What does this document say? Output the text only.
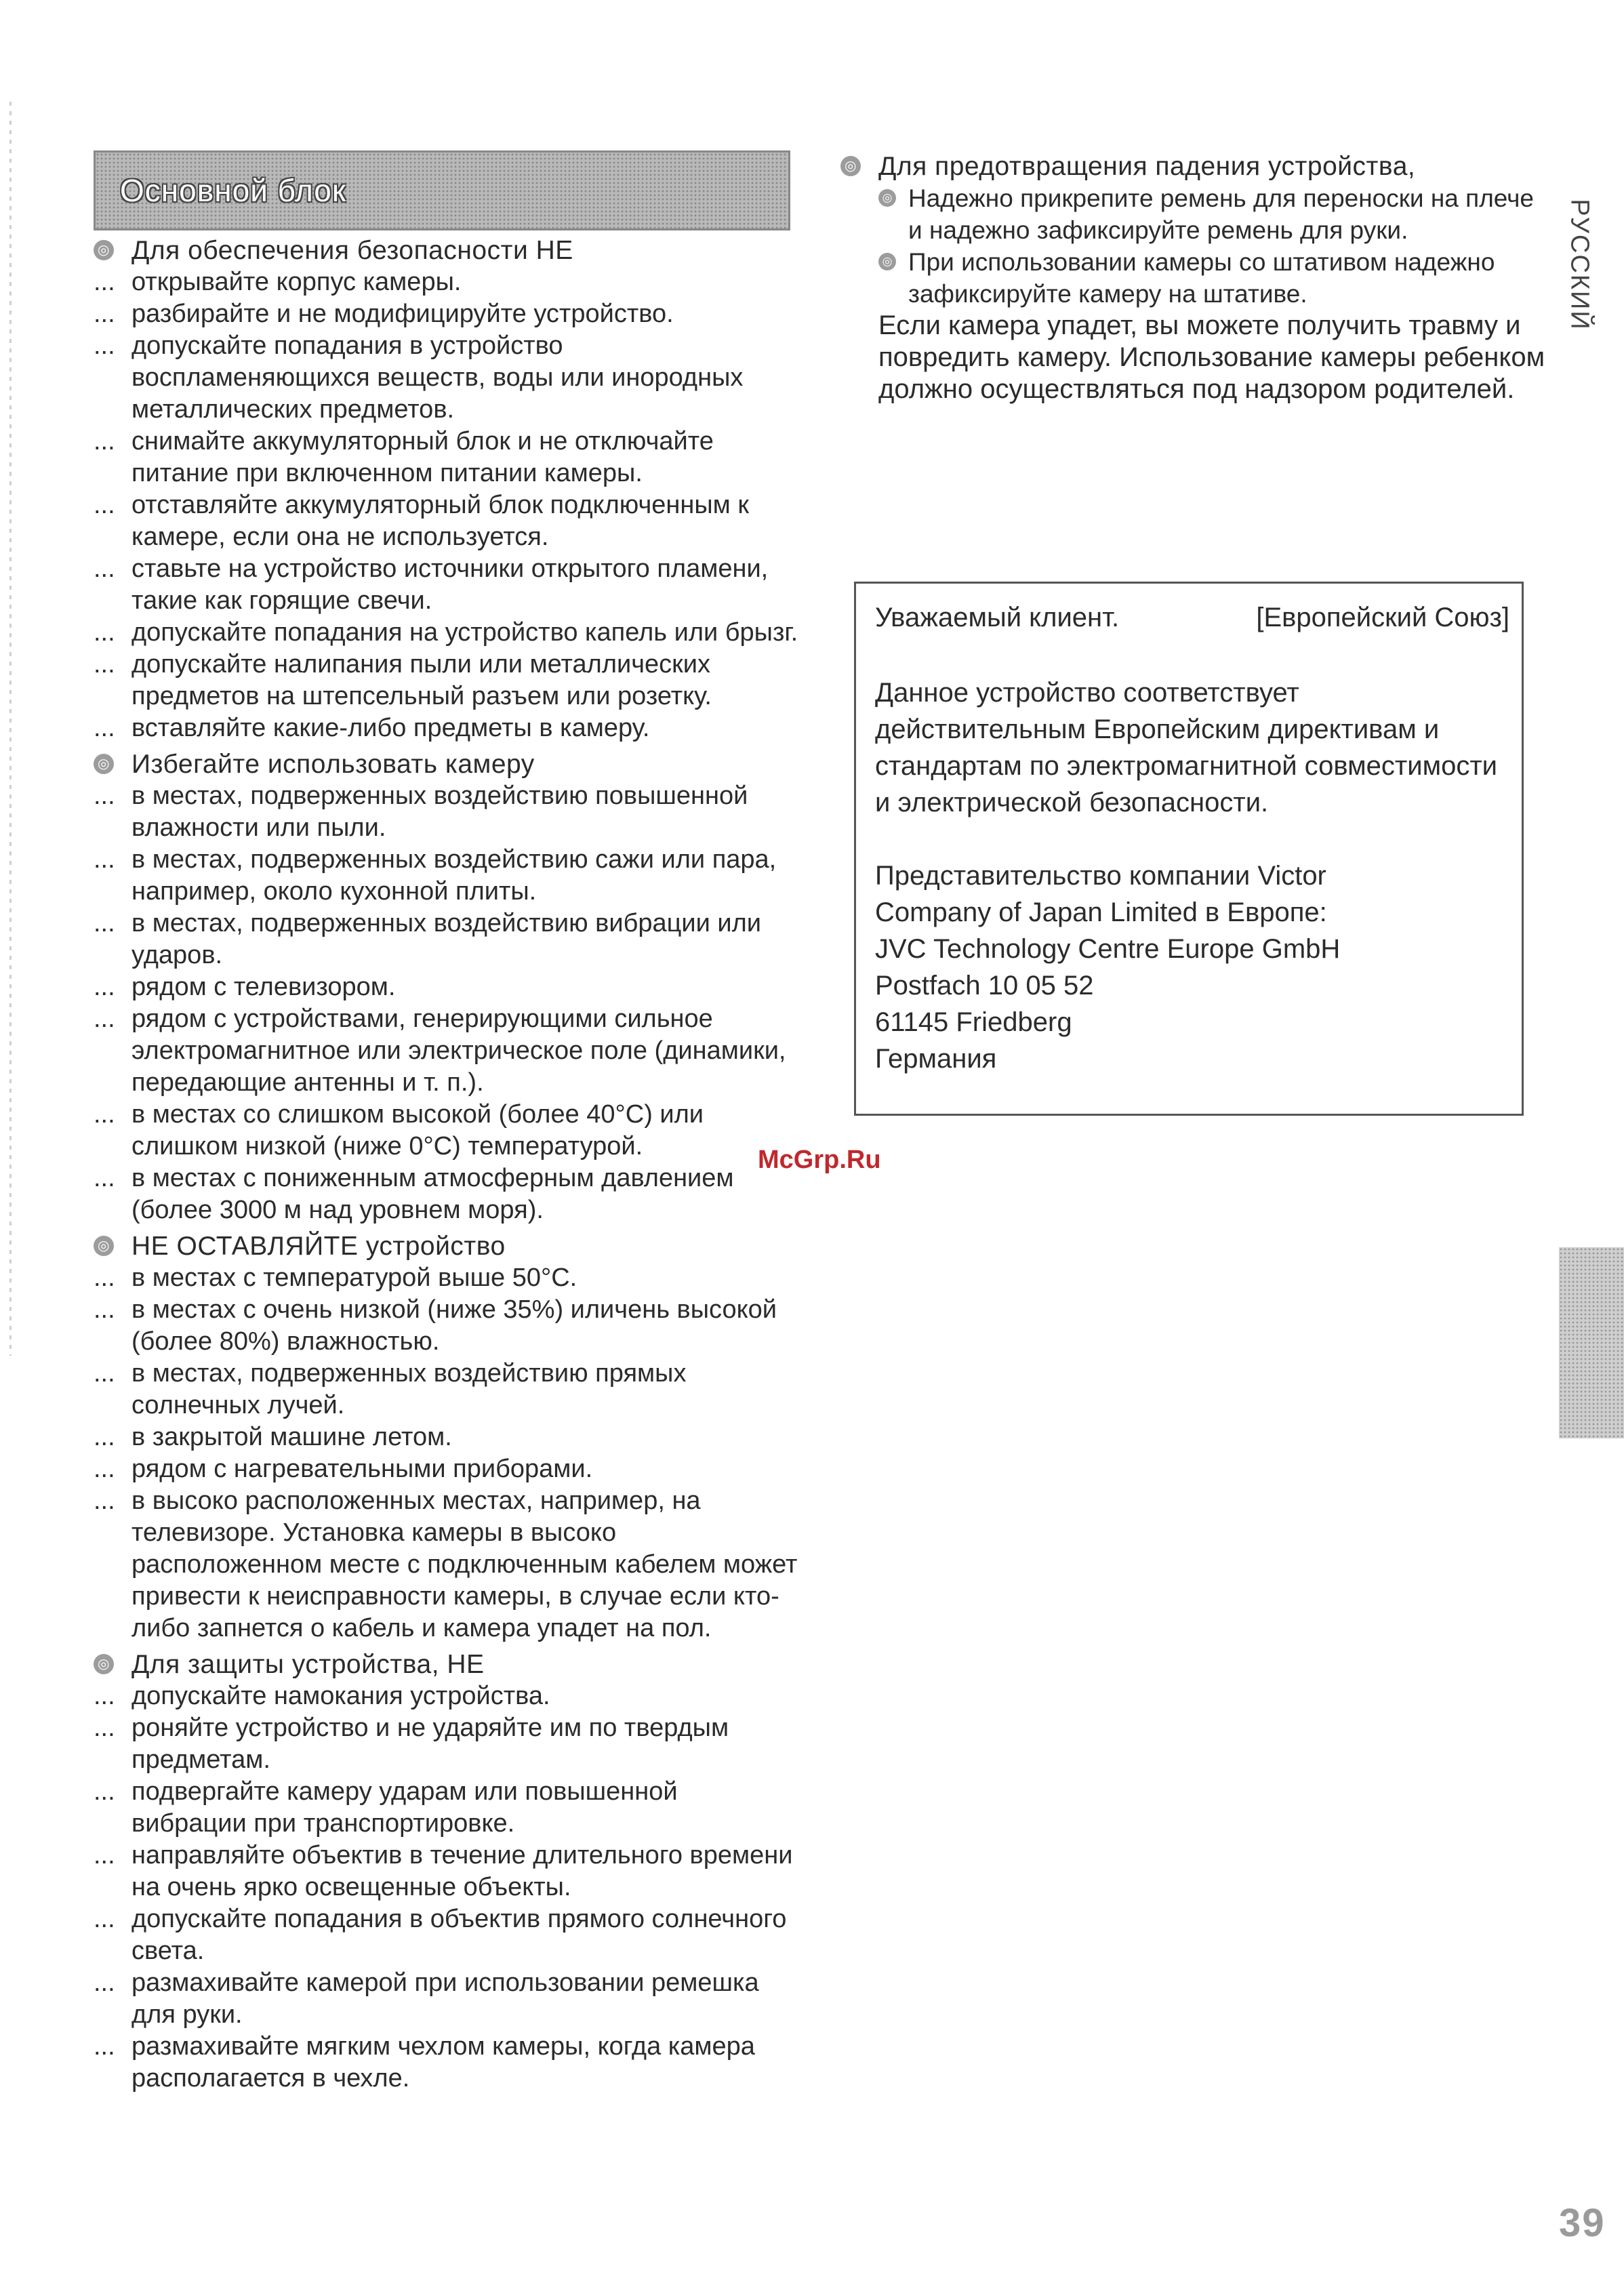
Основной блок
◎ Для обеспечения безопасности НЕ
... открывайте корпус камеры.
... разбирайте и не модифицируйте устройство.
... допускайте попадания в устройство воспламеняющихся веществ, воды или инородных металлических предметов.
... снимайте аккумуляторный блок и не отключайте питание при включенном питании камеры.
... отставляйте аккумуляторный блок подключенным к камере, если она не используется.
... ставьте на устройство источники открытого пламени, такие как горящие свечи.
... допускайте попадания на устройство капель или брызг.
... допускайте налипания пыли или металлических предметов на штепсельный разъем или розетку.
... вставляйте какие-либо предметы в камеру.
◎ Избегайте использовать камеру
... в местах, подверженных воздействию повышенной влажности или пыли.
... в местах, подверженных воздействию сажи или пара, например, около кухонной плиты.
... в местах, подверженных воздействию вибрации или ударов.
... рядом с телевизором.
... рядом с устройствами, генерирующими сильное электромагнитное или электрическое поле (динамики, передающие антенны и т. п.).
... в местах со слишком высокой (более 40°С) или слишком низкой (ниже 0°С) температурой.
... в местах с пониженным атмосферным давлением (более 3000 м над уровнем моря).
◎ НЕ ОСТАВЛЯЙТЕ устройство
... в местах с температурой выше 50°С.
... в местах с очень низкой (ниже 35%) иличень высокой (более 80%) влажностью.
... в местах, подверженных воздействию прямых солнечных лучей.
... в закрытой машине летом.
... рядом с нагревательными приборами.
... в высоко расположенных местах, например, на телевизоре. Установка камеры в высоко расположенном месте с подключенным кабелем может привести к неисправности камеры, в случае если кто-либо запнется о кабель и камера упадет на пол.
◎ Для защиты устройства, НЕ
... допускайте намокания устройства.
... роняйте устройство и не ударяйте им по твердым предметам.
... подвергайте камеру ударам или повышенной вибрации при транспортировке.
... направляйте объектив в течение длительного времени на очень ярко освещенные объекты.
... допускайте попадания в объектив прямого солнечного света.
... размахивайте камерой при использовании ремешка для руки.
... размахивайте мягким чехлом камеры, когда камера располагается в чехле.
◎ Для предотвращения падения устройства,
◎ Надежно прикрепите ремень для переноски на плече и надежно зафиксируйте ремень для руки.
◎ При использовании камеры со штативом надежно зафиксируйте камеру на штативе.
Если камера упадет, вы можете получить травму и повредить камеру. Использование камеры ребенком должно осуществляться под надзором родителей.
Уважаемый клиент.	[Европейский Союз]
Данное устройство соответствует действительным Европейским директивам и стандартам по электромагнитной совместимости и электрической безопасности.
Представительство компании Victor
Company of Japan Limited в Европе:
JVC Technology Centre Europe GmbH
Postfach 10 05 52
61145 Friedberg
Германия
РУССКИЙ
McGrp.Ru
39
